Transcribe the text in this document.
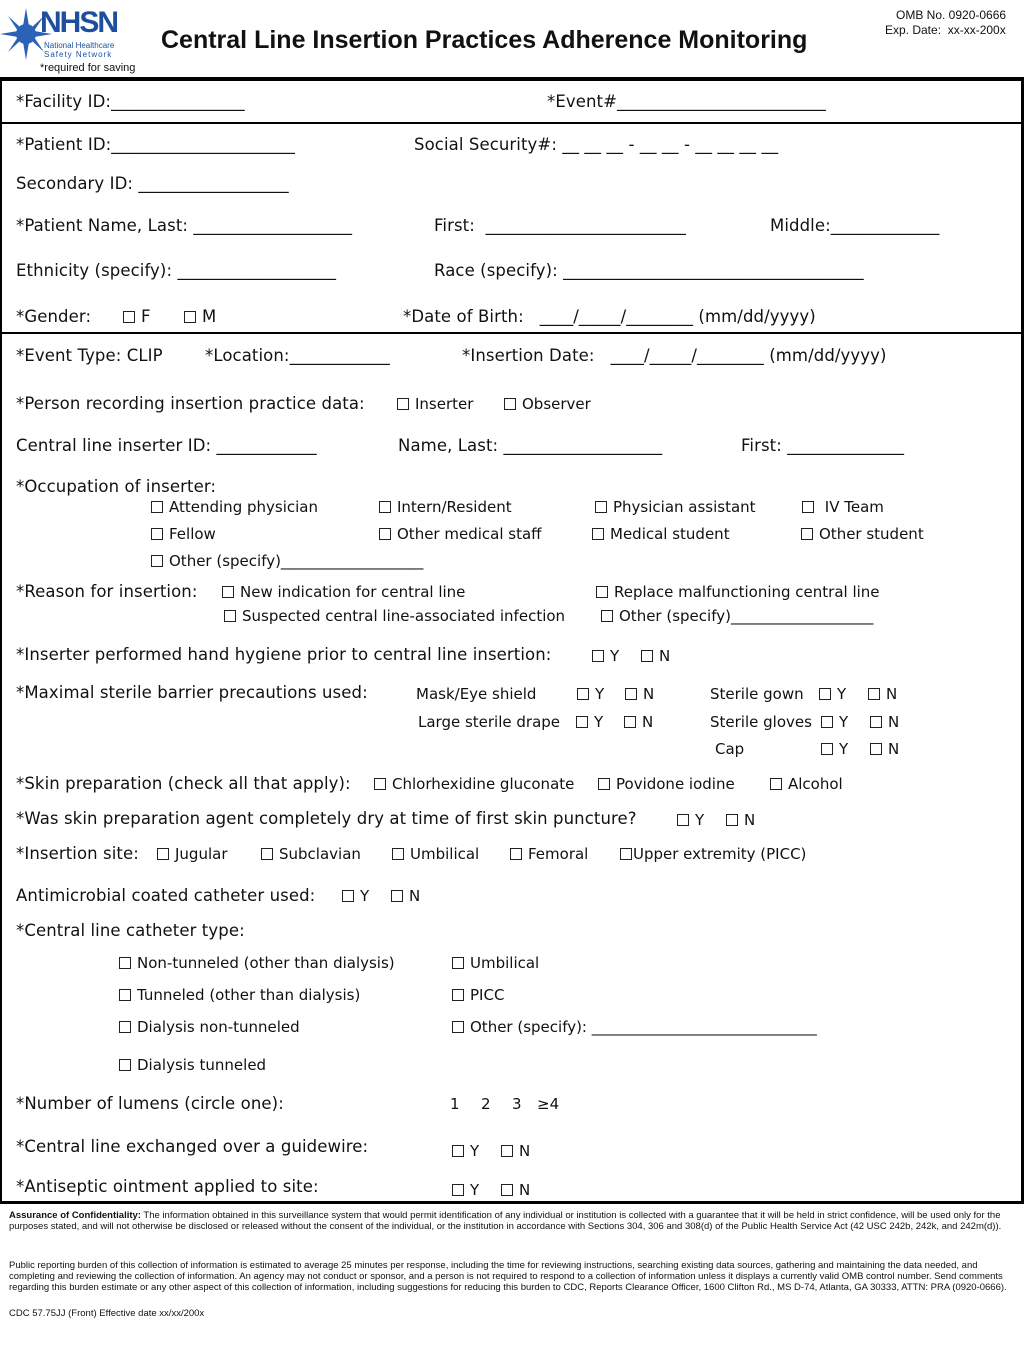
NHSN

National Healthcare

Safety Network

Central Line Insertion Practices Adherence Monitoring
OMB No. 0920-0666
Exp. Date:  xx-xx-200x
*required for saving
*Facility ID:________________	*Event#_________________________
*Patient ID:______________________	Social Security#: __ __ __ - __ __ - __ __ __ __
Secondary ID: __________________
*Patient Name, Last: ___________________	First:  ________________________	Middle:_____________
Ethnicity (specify): ___________________	Race (specify): ____________________________________
*Gender:	F	M	*Date of Birth:   ____/_____/________ (mm/dd/yyyy)
*Event Type: CLIP	*Location:____________	*Insertion Date:   ____/_____/________ (mm/dd/yyyy)
*Person recording insertion practice data:	Inserter	Observer
Central line inserter ID: ____________	Name, Last: ___________________	First: ______________
*Occupation of inserter:
Attending physician	Intern/Resident	Physician assistant	IV Team
Fellow	Other medical staff	Medical student	Other student
Other (specify)___________________
*Reason for insertion:	New indication for central line	Replace malfunctioning central line
Suspected central line-associated infection	Other (specify)___________________
*Inserter performed hand hygiene prior to central line insertion:	Y	N
*Maximal sterile barrier precautions used:	Mask/Eye shield	Y	N	Sterile gown	Y	N
Large sterile drape	Y	N	Sterile gloves	Y	N
Cap	Y	N
*Skin preparation (check all that apply):	Chlorhexidine gluconate	Povidone iodine	Alcohol
*Was skin preparation agent completely dry at time of first skin puncture?	Y	N
*Insertion site:	Jugular	Subclavian	Umbilical	Femoral	Upper extremity (PICC)
Antimicrobial coated catheter used:	Y	N
*Central line catheter type:
Non-tunneled (other than dialysis)	Umbilical
Tunneled (other than dialysis)	PICC
Dialysis non-tunneled	Other (specify): ______________________________
Dialysis tunneled
*Number of lumens (circle one):	1 2 3 ≥4
*Central line exchanged over a guidewire:	Y	N
*Antiseptic ointment applied to site:	Y	N
Assurance of Confidentiality: The information obtained in this surveillance system that would permit identification of any individual or institution is collected with a guarantee that it will be held in strict confidence, will be used only for the purposes stated, and will not otherwise be disclosed or released without the consent of the individual, or the institution in accordance with Sections 304, 306 and 308(d) of the Public Health Service Act (42 USC 242b, 242k, and 242m(d)).
Public reporting burden of this collection of information is estimated to average 25 minutes per response, including the time for reviewing instructions, searching existing data sources, gathering and maintaining the data needed, and completing and reviewing the collection of information. An agency may not conduct or sponsor, and a person is not required to respond to a collection of information unless it displays a currently valid OMB control number. Send comments regarding this burden estimate or any other aspect of this collection of information, including suggestions for reducing this burden to CDC, Reports Clearance Officer, 1600 Clifton Rd., MS D-74, Atlanta, GA 30333, ATTN: PRA (0920-0666).
CDC 57.75JJ (Front) Effective date xx/xx/200x
